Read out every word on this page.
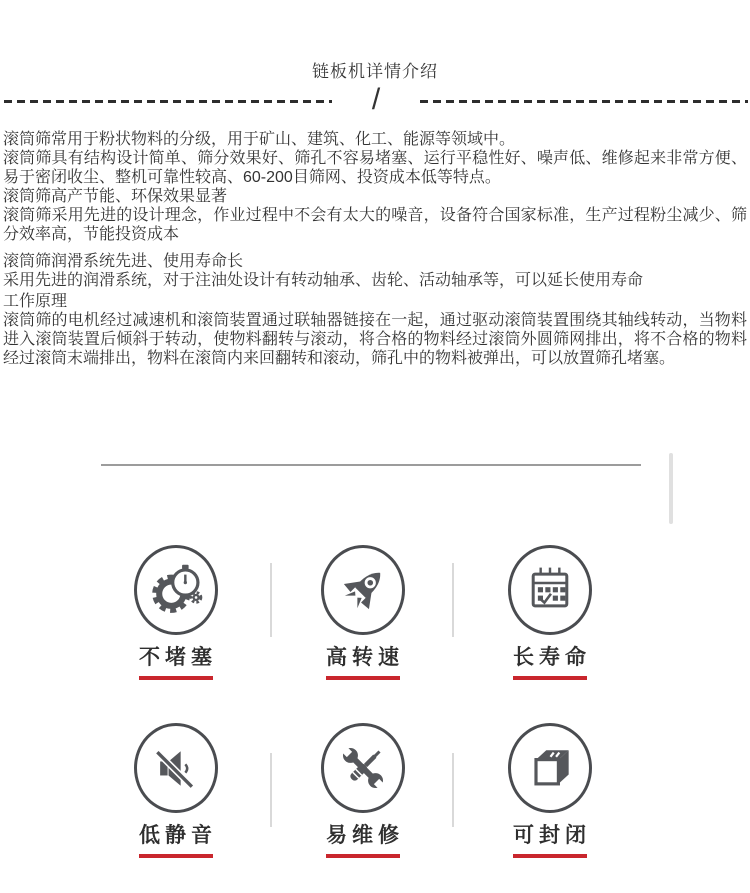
链板机详情介绍
/

滚筒筛常用于粉状物料的分级，用于矿山、建筑、化工、能源等领域中。

滚筒筛具有结构设计简单、筛分效果好、筛孔不容易堵塞、运行平稳性好、噪声低、维修起来非常方便、易于密闭收尘、整机可靠性较高、60-200目筛网、投资成本低等特点。

滚筒筛高产节能、环保效果显著

滚筒筛采用先进的设计理念，作业过程中不会有太大的噪音，设备符合国家标准，生产过程粉尘减少、筛分效率高，节能投资成本

滚筒筛润滑系统先进、使用寿命长

采用先进的润滑系统，对于注油处设计有转动轴承、齿轮、活动轴承等，可以延长使用寿命

工作原理

滚筒筛的电机经过减速机和滚筒装置通过联轴器链接在一起，通过驱动滚筒装置围绕其轴线转动，当物料进入滚筒装置后倾斜于转动，使物料翻转与滚动，将合格的物料经过滚筒外圆筛网排出，将不合格的物料经过滚筒末端排出，物料在滚筒内来回翻转和滚动，筛孔中的物料被弹出，可以放置筛孔堵塞。

不堵塞	高转速	长寿命
低静音	易维修	可封闭
